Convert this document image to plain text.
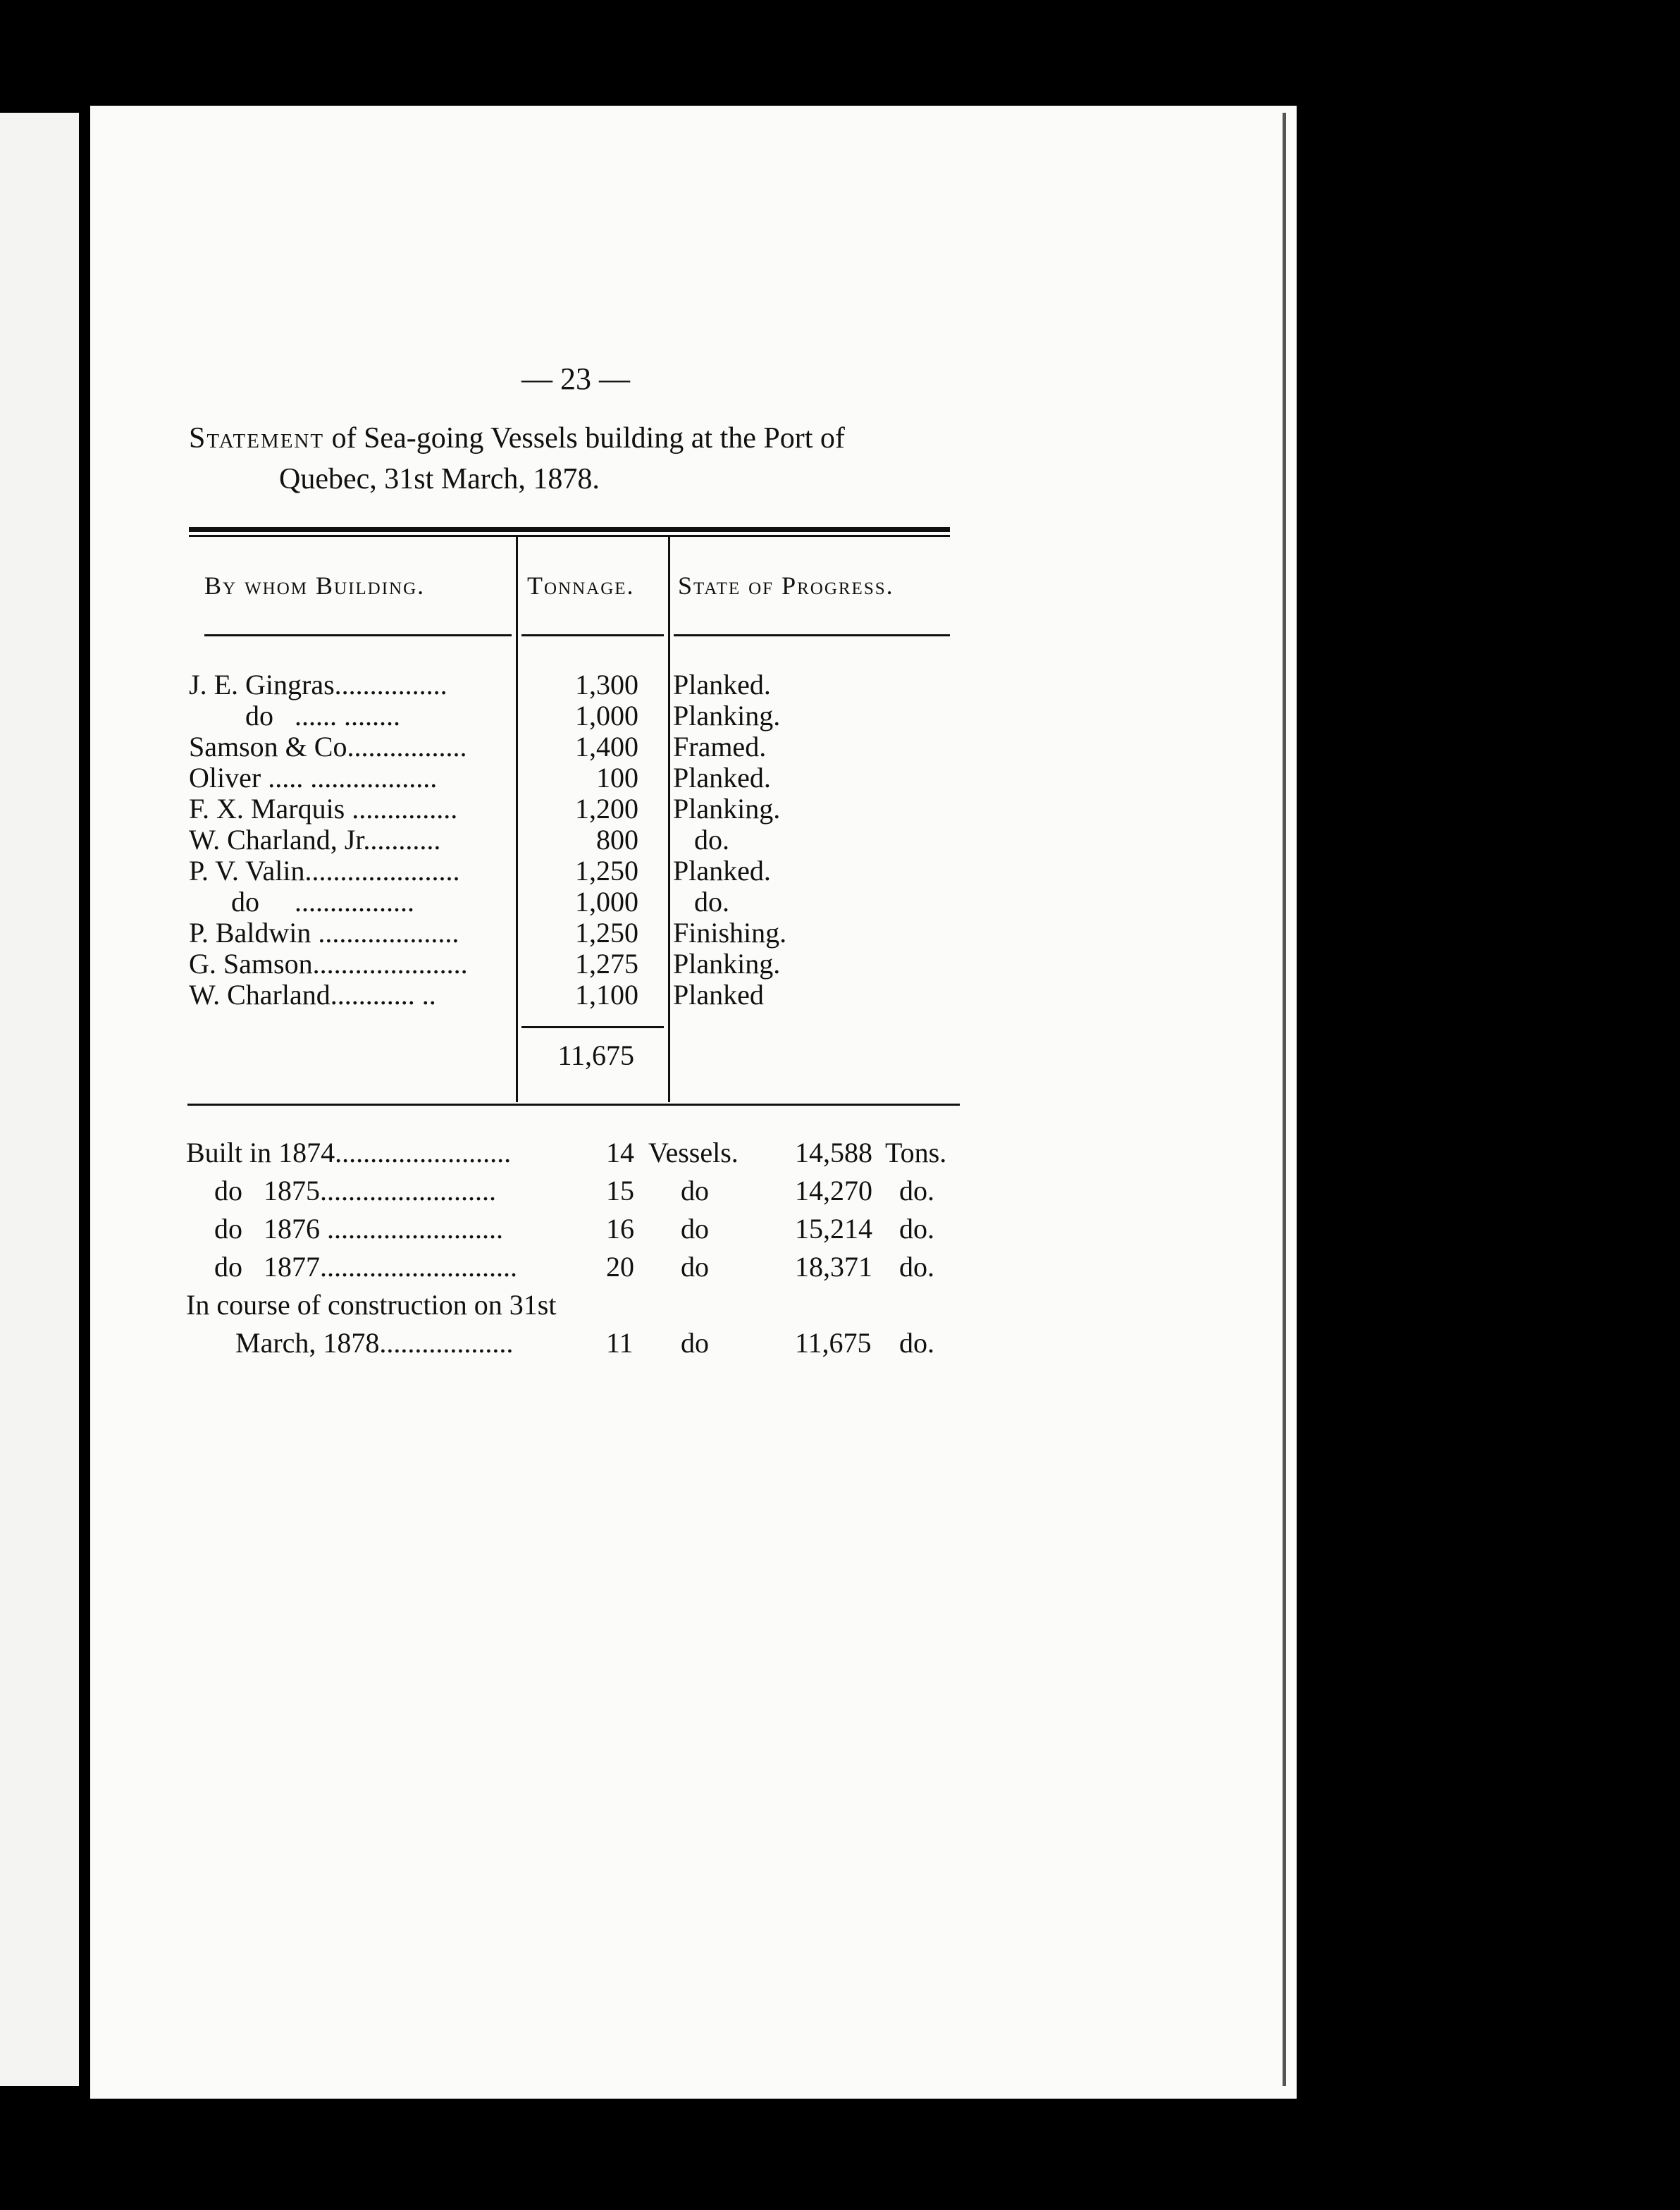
— 23 —
Statement of Sea-going Vessels building at the Port of
Quebec, 31st March, 1878.
By whom Building.	Tonnage. State of Progress.
J. E. Gingras................	1,300 Planked.
do   ...... ........	1,000 Planking.
Samson & Co.................	1,400 Framed.
Oliver ..... ..................	100 Planked.
F. X. Marquis ...............	1,200 Planking.
W. Charland, Jr...........	800 do.
P. V. Valin......................	1,250 Planked.
do     .................	1,000 do.
P. Baldwin ....................	1,250 Finishing.
G. Samson......................	1,275 Planking.
W. Charland............ ..	1,100 Planked
11,675
Built in 1874.........................	14 Vessels. 14,588 Tons.
do   1875.........................	15 do	14,270 do.
do   1876 .........................	16 do	15,214 do.
do   1877............................	20 do	18,371 do.
In course of construction on 31st
March, 1878...................	11 do	11,675 do.
